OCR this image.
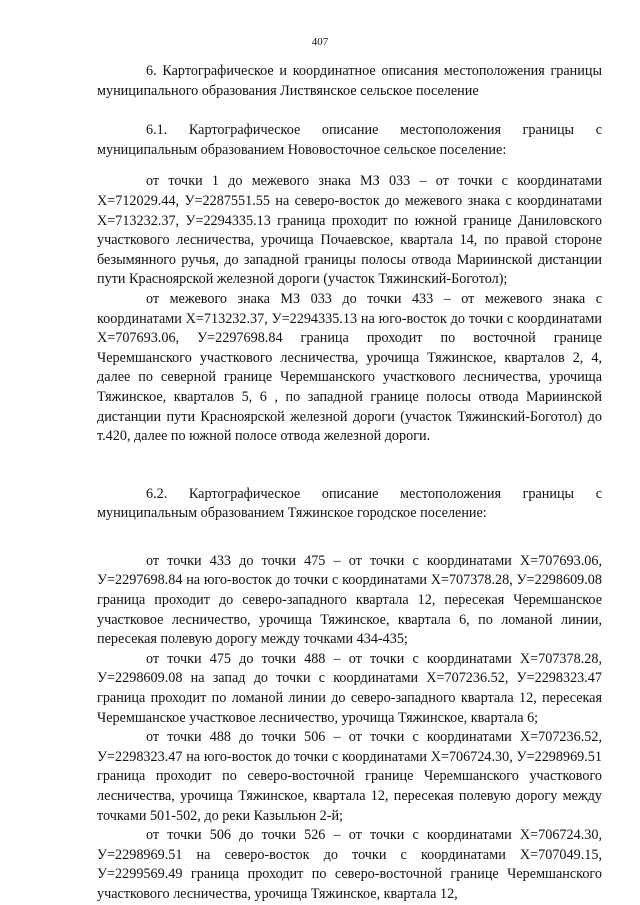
407

6. Картографическое и координатное описания местоположения границы муниципального образования Листвянское сельское поселение

6.1. Картографическое описание местоположения границы с муниципальным образованием Нововосточное сельское поселение:

от точки 1 до межевого знака МЗ 033 – от точки с координатами Х=712029.44, У=2287551.55 на северо-восток до межевого знака с координатами Х=713232.37, У=2294335.13 граница проходит по южной границе Даниловского участкового лесничества, урочища Почаевское, квартала 14, по правой стороне безымянного ручья, до западной границы полосы отвода Мариинской дистанции пути Красноярской железной дороги (участок Тяжинский-Боготол);

от межевого знака МЗ 033 до точки 433 – от межевого знака с координатами Х=713232.37, У=2294335.13 на юго-восток до точки с координатами Х=707693.06, У=2297698.84 граница проходит по восточной границе Черемшанского участкового лесничества, урочища Тяжинское, кварталов 2, 4, далее по северной границе Черемшанского участкового лесничества, урочища Тяжинское, кварталов 5, 6 , по западной границе полосы отвода Мариинской дистанции пути Красноярской железной дороги (участок Тяжинский-Боготол) до т.420, далее по южной полосе отвода железной дороги.

6.2. Картографическое описание местоположения границы с муниципальным образованием Тяжинское городское поселение:

от точки 433 до точки 475 – от точки с координатами Х=707693.06, У=2297698.84 на юго-восток до точки с координатами Х=707378.28, У=2298609.08 граница проходит до северо-западного квартала 12, пересекая Черемшанское участковое лесничество, урочища Тяжинское, квартала 6, по ломаной линии, пересекая полевую дорогу между точками 434-435;

от точки 475 до точки 488 – от точки с координатами Х=707378.28, У=2298609.08 на запад до точки с координатами Х=707236.52, У=2298323.47 граница проходит по ломаной линии до северо-западного квартала 12, пересекая Черемшанское участковое лесничество, урочища Тяжинское, квартала 6;

от точки 488 до точки 506 – от точки с координатами Х=707236.52, У=2298323.47 на юго-восток до точки с координатами Х=706724.30, У=2298969.51 граница проходит по северо-восточной границе Черемшанского участкового лесничества, урочища Тяжинское, квартала 12, пересекая полевую дорогу между точками 501-502, до реки Казыльюн 2-й;

от точки 506 до точки 526 – от точки с координатами Х=706724.30, У=2298969.51 на северо-восток до точки с координатами Х=707049.15, У=2299569.49 граница проходит по северо-восточной границе Черемшанского участкового лесничества, урочища Тяжинское, квартала 12,
